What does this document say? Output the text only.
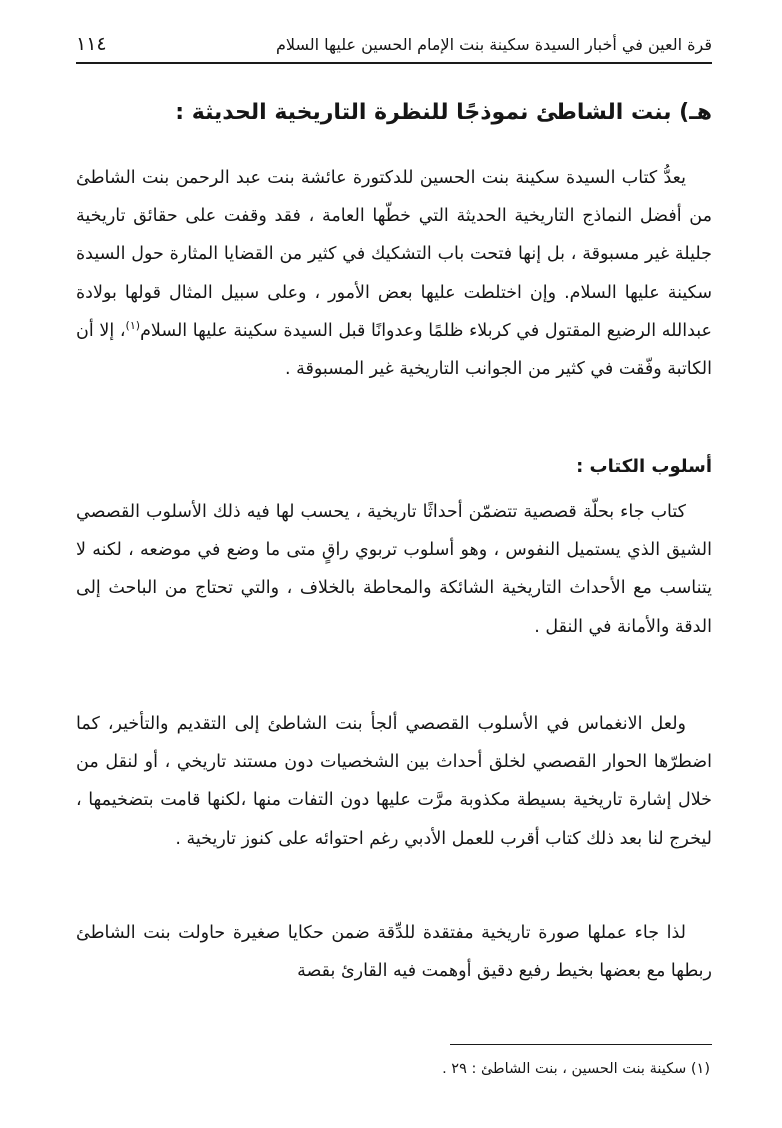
قرة العين في أخبار السيدة سكينة بنت الإمام الحسين عليها السلام
١١٤
هـ) بنت الشاطئ نموذجًا للنظرة التاريخية الحديثة :

يعدُّ كتاب السيدة سكينة بنت الحسين للدكتورة عائشة بنت عبد الرحمن بنت الشاطئ من أفضل النماذج التاريخية الحديثة التي خطّها العامة ، فقد وقفت على حقائق تاريخية جليلة غير مسبوقة ، بل إنها فتحت باب التشكيك في كثير من القضايا المثارة حول السيدة سكينة عليها السلام. وإن اختلطت عليها بعض الأمور ، وعلى سبيل المثال قولها بولادة عبدالله الرضيع المقتول في كربلاء ظلمًا وعدوانًا قبل السيدة سكينة عليها السلام$^{(١)}$، إلا أن الكاتبة وفّقت في كثير من الجوانب التاريخية غير المسبوقة .

أسلوب الكتاب :

كتاب جاء بحلّة قصصية تتضمّن أحداثًا تاريخية ، يحسب لها فيه ذلك الأسلوب القصصي الشيق الذي يستميل النفوس ، وهو أسلوب تربوي راقٍ متى ما وضع في موضعه ، لكنه لا يتناسب مع الأحداث التاريخية الشائكة والمحاطة بالخلاف ، والتي تحتاج من الباحث إلى الدقة والأمانة في النقل .

ولعل الانغماس في الأسلوب القصصي ألجأ بنت الشاطئ إلى التقديم والتأخير، كما اضطرّها الحوار القصصي لخلق أحداث بين الشخصيات دون مستند تاريخي ، أو لنقل من خلال إشارة تاريخية بسيطة مكذوبة مرَّت عليها دون التفات منها ،لكنها قامت بتضخيمها ، ليخرج لنا بعد ذلك كتاب أقرب للعمل الأدبي رغم احتوائه على كنوز تاريخية .

لذا جاء عملها صورة تاريخية مفتقدة للدِّقة ضمن حكايا صغيرة حاولت بنت الشاطئ ربطها مع بعضها بخيط رفيع دقيق أوهمت فيه القارئ بقصة

(١) سكينة بنت الحسين ، بنت الشاطئ : ٢٩ .
